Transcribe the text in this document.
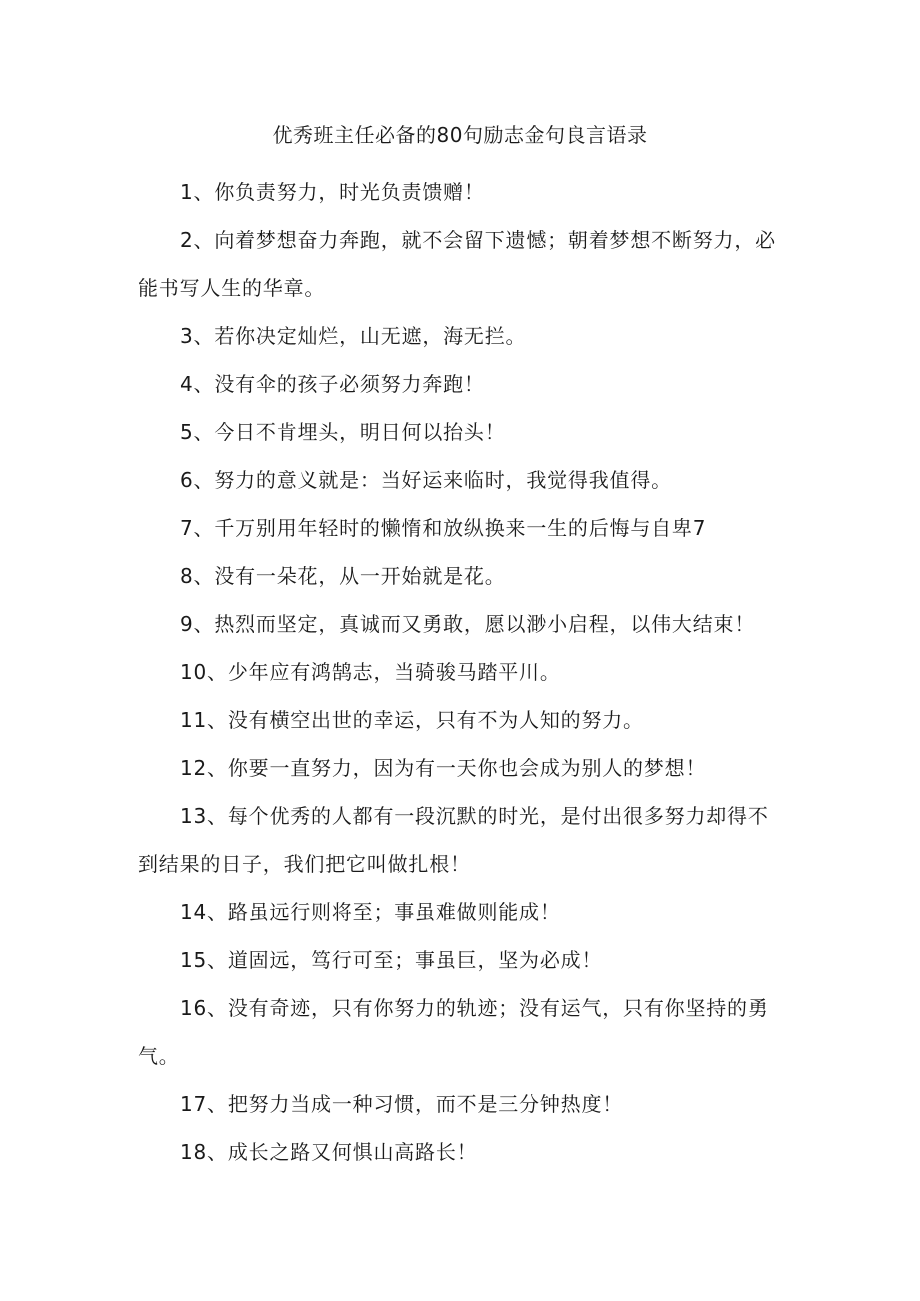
优秀班主任必备的80句励志金句良言语录

1、你负责努力，时光负责馈赠！

2、向着梦想奋力奔跑，就不会留下遗憾；朝着梦想不断努力，必能书写人生的华章。

3、若你决定灿烂，山无遮，海无拦。

4、没有伞的孩子必须努力奔跑！

5、今日不肯埋头，明日何以抬头！

6、努力的意义就是：当好运来临时，我觉得我值得。

7、千万别用年轻时的懒惰和放纵换来一生的后悔与自卑7

8、没有一朵花，从一开始就是花。

9、热烈而坚定，真诚而又勇敢，愿以渺小启程，以伟大结束！

10、少年应有鸿鹄志，当骑骏马踏平川。

11、没有横空出世的幸运，只有不为人知的努力。

12、你要一直努力，因为有一天你也会成为别人的梦想！

13、每个优秀的人都有一段沉默的时光，是付出很多努力却得不到结果的日子，我们把它叫做扎根！

14、路虽远行则将至；事虽难做则能成！

15、道固远，笃行可至；事虽巨，坚为必成！

16、没有奇迹，只有你努力的轨迹；没有运气，只有你坚持的勇气。

17、把努力当成一种习惯，而不是三分钟热度！

18、成长之路又何惧山高路长！
